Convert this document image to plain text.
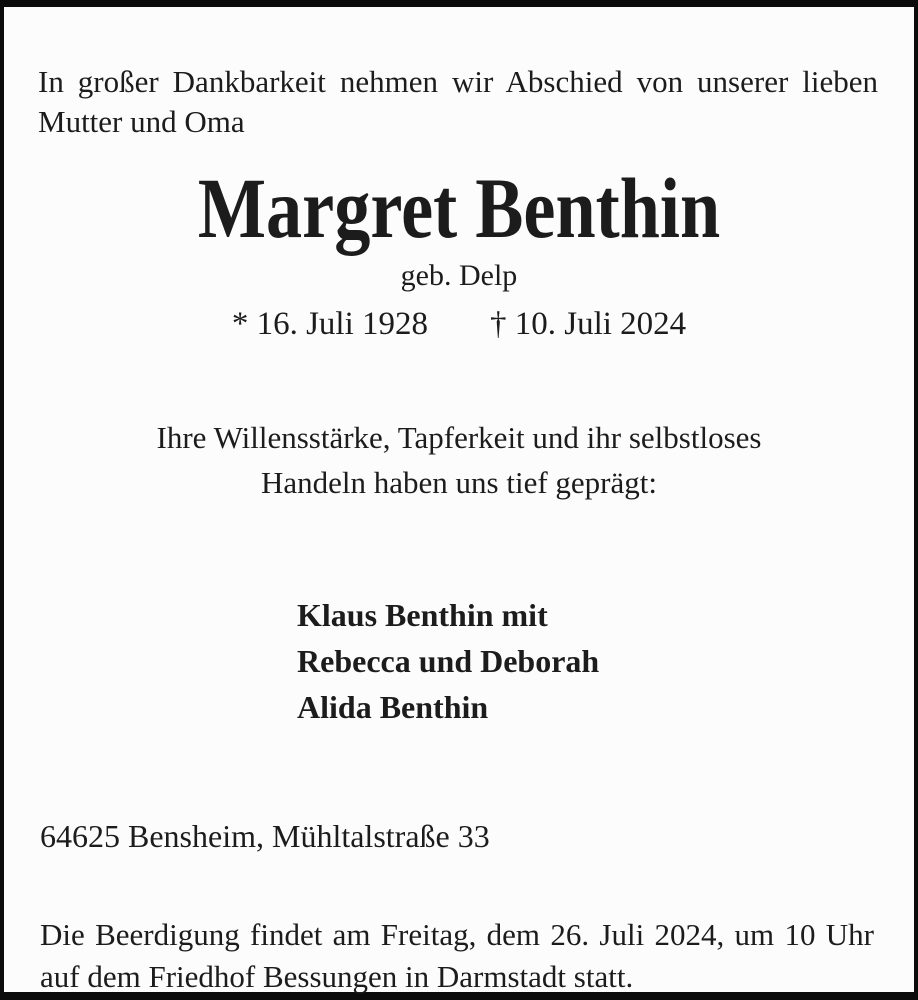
In großer Dankbarkeit nehmen wir Abschied von unserer lieben Mutter und Oma

Margret Benthin
geb. Delp
* 16. Juli 1928 † 10. Juli 2024
Ihre Willensstärke, Tapferkeit und ihr selbstloses
Handeln haben uns tief geprägt:
Klaus Benthin mit
Rebecca und Deborah
Alida Benthin
64625 Bensheim, Mühltalstraße 33

Die Beerdigung findet am Freitag, dem 26. Juli 2024, um 10 Uhr auf dem Friedhof Bessungen in Darmstadt statt.
